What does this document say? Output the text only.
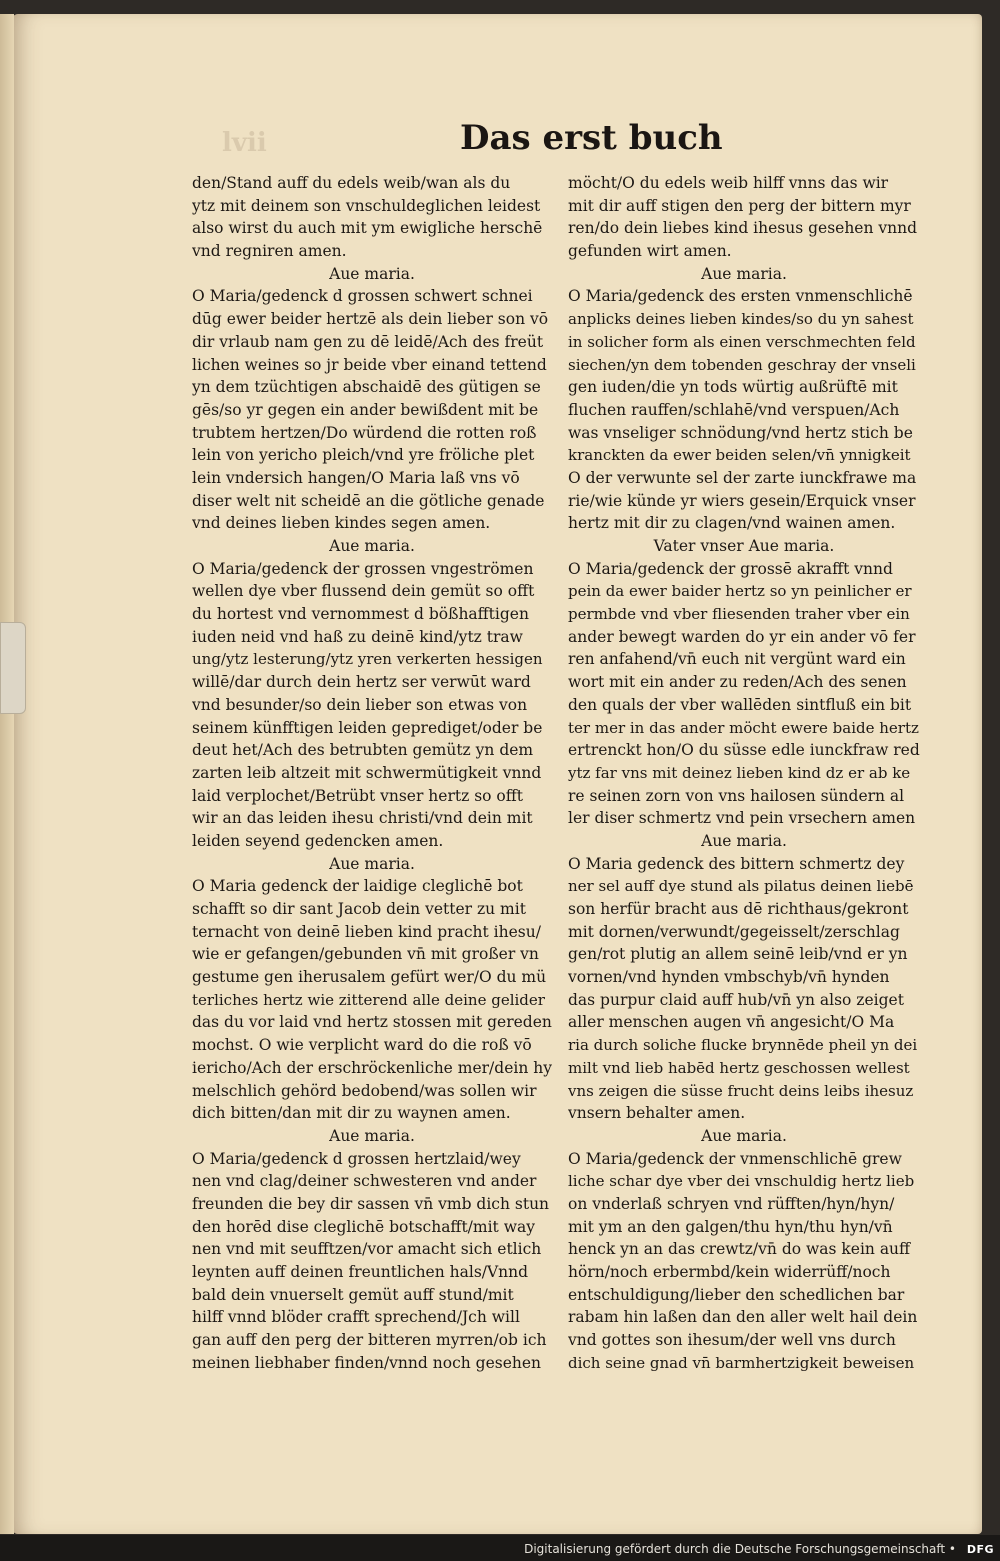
lvii	Das erst buch
den/Stand auff du edels weib/wan als du
ytz mit deinem son vnschuldeglichen leidest
also wirst du auch mit ym ewigliche herschē
vnd regniren amen.
Aue maria.
O Maria/gedenck d grossen schwert schnei
dūg ewer beider hertzē als dein lieber son vō
dir vrlaub nam gen zu dē leidē/Ach des freüt
lichen weines so jr beide vber einand tettend
yn dem tzüchtigen abschaidē des gütigen se
gēs/so yr gegen ein ander bewißdent mit be
trubtem hertzen/Do würdend die rotten roß
lein von yericho pleich/vnd yre fröliche plet
lein vndersich hangen/O Maria laß vns vō
diser welt nit scheidē an die götliche genade
vnd deines lieben kindes segen amen.
Aue maria.
O Maria/gedenck der grossen vngeströmen
wellen dye vber flussend dein gemüt so offt
du hortest vnd vernommest d bößhafftigen
iuden neid vnd haß zu deinē kind/ytz traw
ung/ytz lesterung/ytz yren verkerten hessigen
willē/dar durch dein hertz ser verwūt ward
vnd besunder/so dein lieber son etwas von
seinem künfftigen leiden geprediget/oder be
deut het/Ach des betrubten gemütz yn dem
zarten leib altzeit mit schwermütigkeit vnnd
laid verplochet/Betrübt vnser hertz so offt
wir an das leiden ihesu christi/vnd dein mit
leiden seyend gedencken amen.
Aue maria.
O Maria gedenck der laidige cleglichē bot
schafft so dir sant Jacob dein vetter zu mit
ternacht von deinē lieben kind pracht ihesu/
wie er gefangen/gebunden vn̄ mit großer vn
gestume gen iherusalem gefürt wer/O du mü
terliches hertz wie zitterend alle deine gelider
das du vor laid vnd hertz stossen mit gereden
mochst. O wie verplicht ward do die roß vō
iericho/Ach der erschröckenliche mer/dein hy
melschlich gehörd bedobend/was sollen wir
dich bitten/dan mit dir zu waynen amen.
Aue maria.
O Maria/gedenck d grossen hertzlaid/wey
nen vnd clag/deiner schwesteren vnd ander
freunden die bey dir sassen vn̄ vmb dich stun
den horēd dise cleglichē botschafft/mit way
nen vnd mit seufftzen/vor amacht sich etlich
leynten auff deinen freuntlichen hals/Vnnd
bald dein vnuerselt gemüt auff stund/mit
hilff vnnd blöder crafft sprechend/Jch will
gan auff den perg der bitteren myrren/ob ich
meinen liebhaber finden/vnnd noch gesehen
möcht/O du edels weib hilff vnns das wir
mit dir auff stigen den perg der bittern myr
ren/do dein liebes kind ihesus gesehen vnnd
gefunden wirt amen.
Aue maria.
O Maria/gedenck des ersten vnmenschlichē
anplicks deines lieben kindes/so du yn sahest
in solicher form als einen verschmechten feld
siechen/yn dem tobenden geschray der vnseli
gen iuden/die yn tods würtig außrüftē mit
fluchen rauffen/schlahē/vnd verspuen/Ach
was vnseliger schnödung/vnd hertz stich be
kranckten da ewer beiden selen/vn̄ ynnigkeit
O der verwunte sel der zarte iunckfrawe ma
rie/wie künde yr wiers gesein/Erquick vnser
hertz mit dir zu clagen/vnd wainen amen.
Vater vnser Aue maria.
O Maria/gedenck der grossē akrafft vnnd
pein da ewer baider hertz so yn peinlicher er
permbde vnd vber fliesenden traher vber ein
ander bewegt warden do yr ein ander vō fer
ren anfahend/vn̄ euch nit vergünt ward ein
wort mit ein ander zu reden/Ach des senen
den quals der vber wallēden sintfluß ein bit
ter mer in das ander möcht ewere baide hertz
ertrenckt hon/O du süsse edle iunckfraw red
ytz far vns mit deinez lieben kind dz er ab ke
re seinen zorn von vns hailosen sündern al
ler diser schmertz vnd pein vrsechern amen
Aue maria.
O Maria gedenck des bittern schmertz dey
ner sel auff dye stund als pilatus deinen liebē
son herfür bracht aus dē richthaus/gekront
mit dornen/verwundt/gegeisselt/zerschlag
gen/rot plutig an allem seinē leib/vnd er yn
vornen/vnd hynden vmbschyb/vn̄ hynden
das purpur claid auff hub/vn̄ yn also zeiget
aller menschen augen vn̄ angesicht/O Ma
ria durch soliche flucke brynnēde pheil yn dei
milt vnd lieb habēd hertz geschossen wellest
vns zeigen die süsse frucht deins leibs ihesuz
vnsern behalter amen.
Aue maria.
O Maria/gedenck der vnmenschlichē grew
liche schar dye vber dei vnschuldig hertz lieb
on vnderlaß schryen vnd rüfften/hyn/hyn/
mit ym an den galgen/thu hyn/thu hyn/vn̄
henck yn an das crewtz/vn̄ do was kein auff
hörn/noch erbermbd/kein widerrüff/noch
entschuldigung/lieber den schedlichen bar
rabam hin laßen dan den aller welt hail dein
vnd gottes son ihesum/der well vns durch
dich seine gnad vn̄ barmhertzigkeit beweisen
Digitalisierung gefördert durch die Deutsche Forschungsgemeinschaft • DFG
